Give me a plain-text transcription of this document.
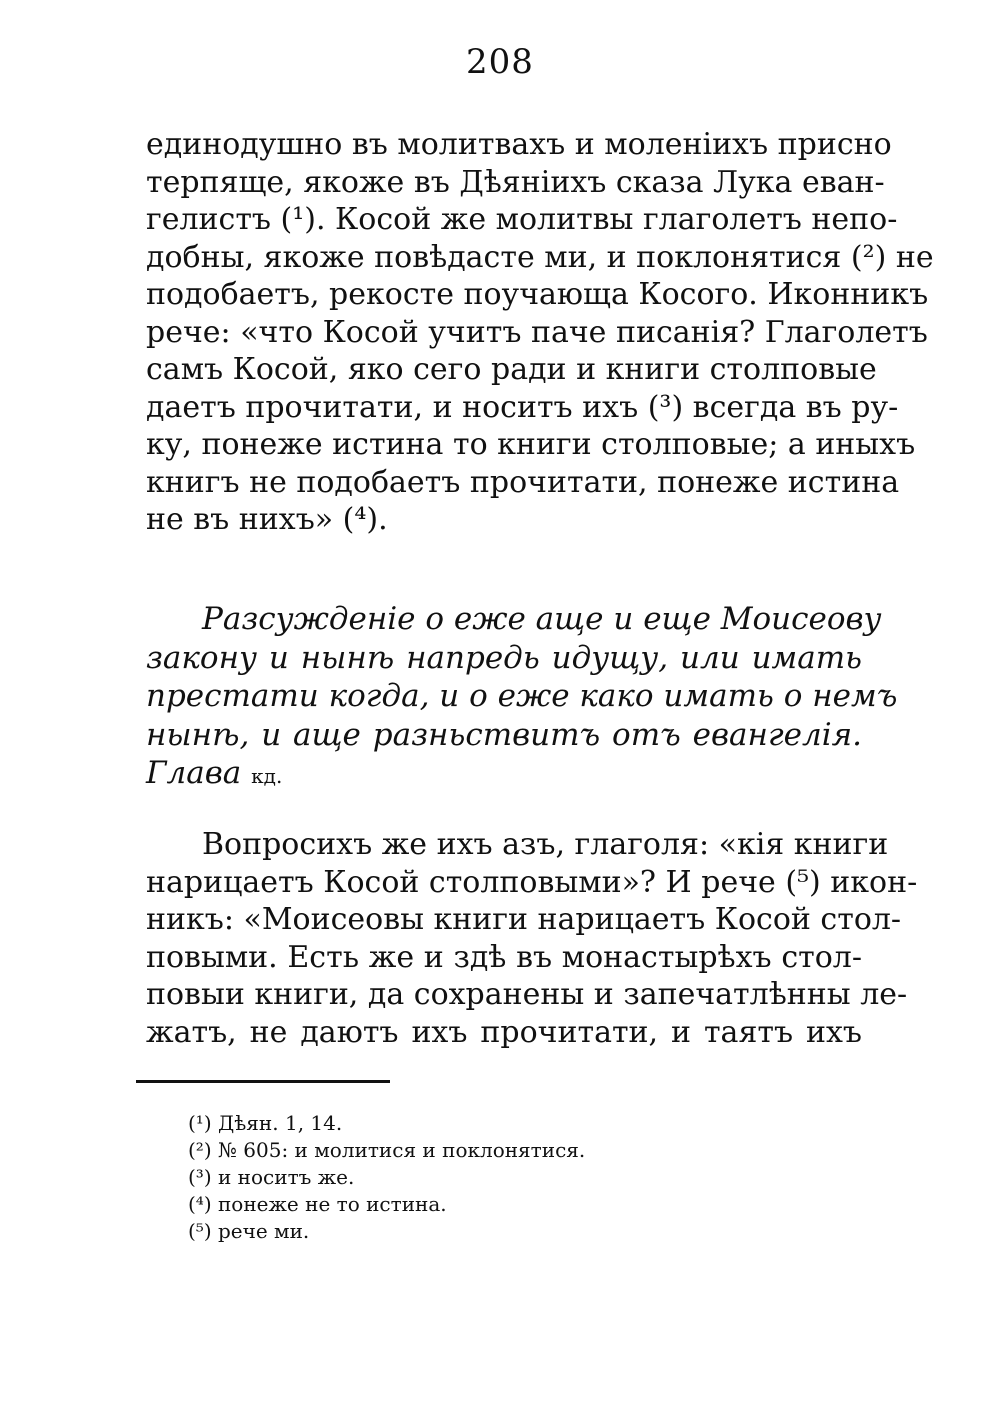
208
единодушно въ молитвахъ и моленіихъ присно
терпяще, якоже въ Дѣяніихъ сказа Лука еван-
гелистъ (¹). Косой же молитвы глаголетъ непо-
добны, якоже повѣдасте ми, и поклонятися (²) не
подобаетъ, рекосте поучающа Косого. Иконникъ
рече: «что Косой учитъ паче писанія? Глаголетъ
самъ Косой, яко сего ради и книги столповые
даетъ прочитати, и носитъ ихъ (³) всегда въ ру-
ку, понеже истина то книги столповые; а иныхъ
книгъ не подобаетъ прочитати, понеже истина
не въ нихъ» (⁴).
Разсужденіе о еже аще и еще Моисеову
закону и нынѣ напредь идущу, или имать
престати когда, и о еже како имать о немъ
нынѣ, и аще разньствитъ отъ евангелія.
Глава кд.
Вопросихъ же ихъ азъ, глаголя: «кія книги
нарицаетъ Косой столповыми»? И рече (⁵) икон-
никъ: «Моисеовы книги нарицаетъ Косой стол-
повыми. Есть же и здѣ въ монастырѣхъ стол-
повыи книги, да сохранены и запечатлѣнны ле-
жатъ, не даютъ ихъ прочитати, и таятъ ихъ
(¹) Дѣян. 1, 14.
(²) № 605: и молитися и поклонятися.
(³) и носитъ же.
(⁴) понеже не то истина.
(⁵) рече ми.
